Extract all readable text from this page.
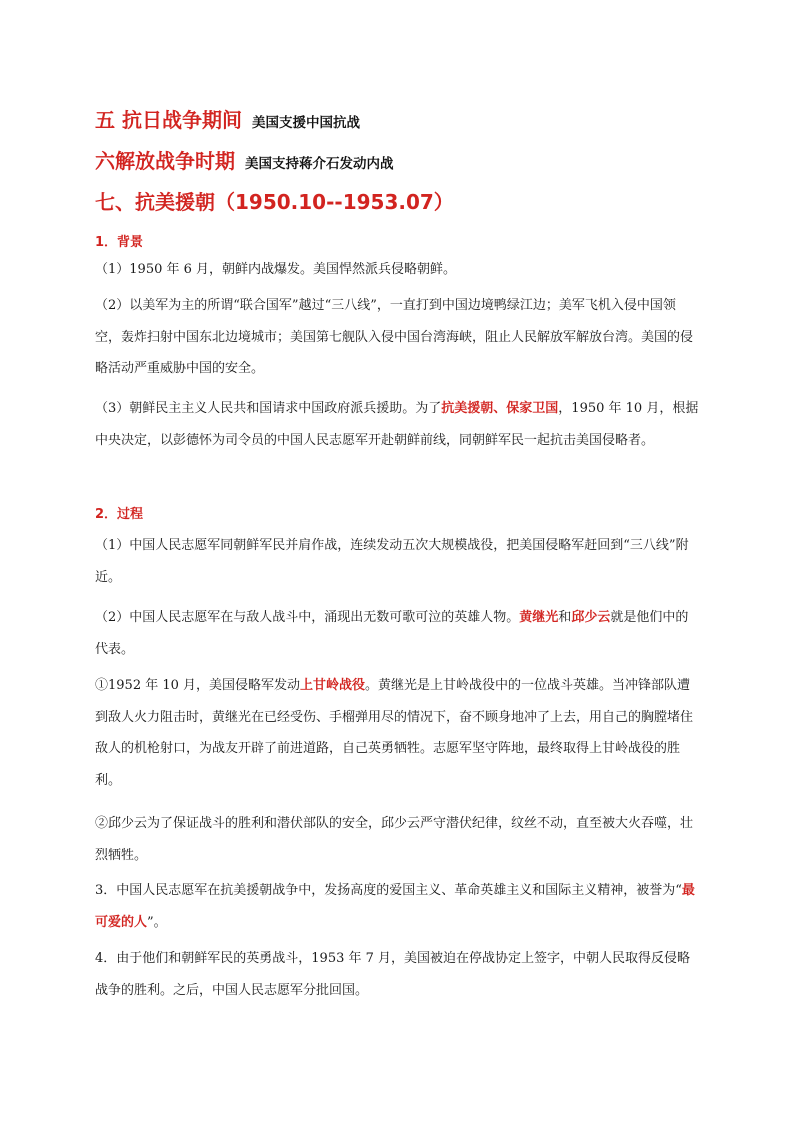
五 抗日战争期间 美国支援中国抗战
六解放战争时期 美国支持蒋介石发动内战
七、抗美援朝（1950.10--1953.07）
1．背景
（1）1950 年 6 月，朝鲜内战爆发。美国悍然派兵侵略朝鲜。
（2）以美军为主的所谓“联合国军”越过“三八线”，一直打到中国边境鸭绿江边；美军飞机入侵中国领空，轰炸扫射中国东北边境城市；美国第七舰队入侵中国台湾海峡，阻止人民解放军解放台湾。美国的侵略活动严重威胁中国的安全。
（3）朝鲜民主主义人民共和国请求中国政府派兵援助。为了抗美援朝、保家卫国，1950 年 10 月，根据中央决定，以彭德怀为司令员的中国人民志愿军开赴朝鲜前线，同朝鲜军民一起抗击美国侵略者。
2．过程
（1）中国人民志愿军同朝鲜军民并肩作战，连续发动五次大规模战役，把美国侵略军赶回到“三八线”附近。
（2）中国人民志愿军在与敌人战斗中，涌现出无数可歌可泣的英雄人物。黄继光和邱少云就是他们中的代表。
①1952 年 10 月，美国侵略军发动上甘岭战役。黄继光是上甘岭战役中的一位战斗英雄。当冲锋部队遭到敌人火力阻击时，黄继光在已经受伤、手榴弹用尽的情况下，奋不顾身地冲了上去，用自己的胸膛堵住敌人的机枪射口，为战友开辟了前进道路，自己英勇牺牲。志愿军坚守阵地，最终取得上甘岭战役的胜利。
②邱少云为了保证战斗的胜利和潜伏部队的安全，邱少云严守潜伏纪律，纹丝不动，直至被大火吞噬，壮烈牺牲。
3．中国人民志愿军在抗美援朝战争中，发扬高度的爱国主义、革命英雄主义和国际主义精神，被誉为“最可爱的人”。
4．由于他们和朝鲜军民的英勇战斗，1953 年 7 月，美国被迫在停战协定上签字，中朝人民取得反侵略战争的胜利。之后，中国人民志愿军分批回国。
